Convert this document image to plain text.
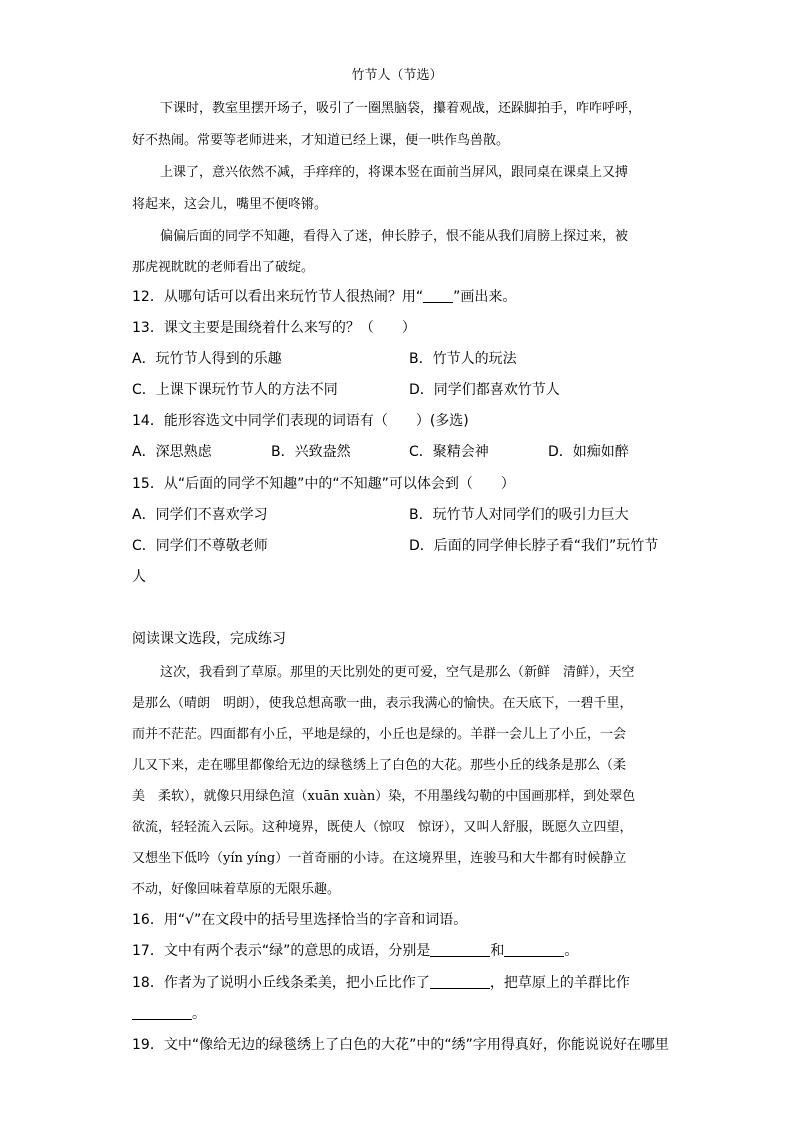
竹节人（节选）
下课时，教室里摆开场子，吸引了一圈黑脑袋，攥着观战，还跺脚拍手，咋咋呼呼，
好不热闹。常要等老师进来，才知道已经上课，便一哄作鸟兽散。
上课了，意兴依然不减，手痒痒的，将课本竖在面前当屏风，跟同桌在课桌上又搏
将起来，这会儿，嘴里不便咚锵。
偏偏后面的同学不知趣，看得入了迷，伸长脖子，恨不能从我们肩膀上探过来，被
那虎视眈眈的老师看出了破绽。
12．从哪句话可以看出来玩竹节人很热闹？用“ ”画出来。
13．课文主要是围绕着什么来写的？（　　）
A．玩竹节人得到的乐趣	B．竹节人的玩法
C．上课下课玩竹节人的方法不同	D．同学们都喜欢竹节人
14．能形容选文中同学们表现的词语有（　　）(多选)
A．深思熟虑	B．兴致盎然	C．聚精会神	D．如痴如醉
15．从“后面的同学不知趣”中的“不知趣”可以体会到（　　）
A．同学们不喜欢学习	B．玩竹节人对同学们的吸引力巨大
C．同学们不尊敬老师	D．后面的同学伸长脖子看“我们”玩竹节
人
阅读课文选段，完成练习
这次，我看到了草原。那里的天比别处的更可爱，空气是那么（新鲜　清鲜），天空
是那么（晴朗　明朗），使我总想高歌一曲，表示我满心的愉快。在天底下，一碧千里，
而并不茫茫。四面都有小丘，平地是绿的，小丘也是绿的。羊群一会儿上了小丘，一会
儿又下来，走在哪里都像给无边的绿毯绣上了白色的大花。那些小丘的线条是那么（柔
美　柔软），就像只用绿色渲（xuān xuàn）染，不用墨线勾勒的中国画那样，到处翠色
欲流，轻轻流入云际。这种境界，既使人（惊叹　惊讶），又叫人舒服，既愿久立四望，
又想坐下低吟（yín yíng）一首奇丽的小诗。在这境界里，连骏马和大牛都有时候静立
不动，好像回味着草原的无限乐趣。
16．用“√”在文段中的括号里选择恰当的字音和词语。
17．文中有两个表示“绿”的意思的成语，分别是	和	。
18．作者为了说明小丘线条柔美，把小丘比作了	，把草原上的羊群比作
。
19．文中“像给无边的绿毯绣上了白色的大花”中的“绣”字用得真好，你能说说好在哪里
